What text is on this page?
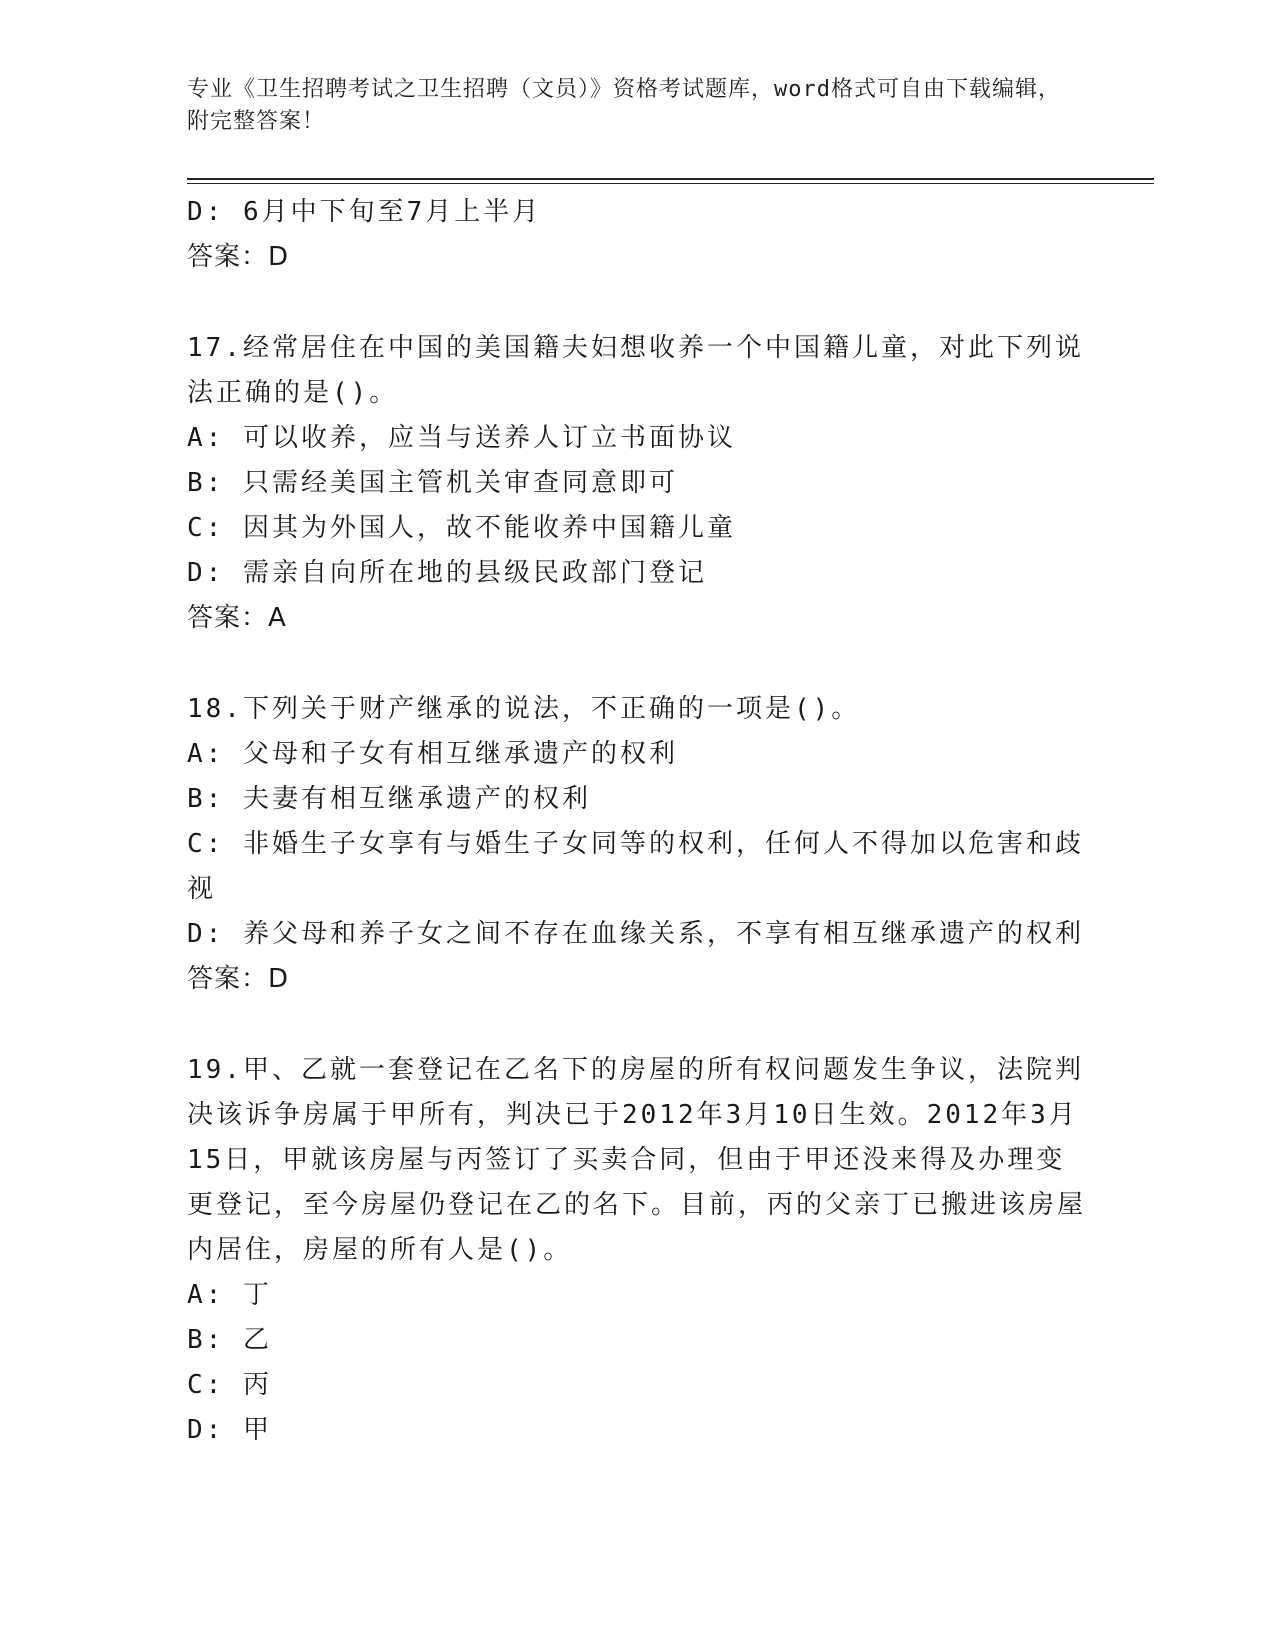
专业《卫生招聘考试之卫生招聘（文员）》资格考试题库，word格式可自由下载编辑，附完整答案！

D: 6月中下旬至7月上半月

答案：D

17.经常居住在中国的美国籍夫妇想收养一个中国籍儿童，对此下列说法正确的是()。

A: 可以收养，应当与送养人订立书面协议

B: 只需经美国主管机关审查同意即可

C: 因其为外国人，故不能收养中国籍儿童

D: 需亲自向所在地的县级民政部门登记

答案：A

18.下列关于财产继承的说法，不正确的一项是()。

A: 父母和子女有相互继承遗产的权利

B: 夫妻有相互继承遗产的权利

C: 非婚生子女享有与婚生子女同等的权利，任何人不得加以危害和歧视

D: 养父母和养子女之间不存在血缘关系，不享有相互继承遗产的权利

答案：D

19.甲、乙就一套登记在乙名下的房屋的所有权问题发生争议，法院判决该诉争房属于甲所有，判决已于2012年3月10日生效。2012年3月15日，甲就该房屋与丙签订了买卖合同，但由于甲还没来得及办理变更登记，至今房屋仍登记在乙的名下。目前，丙的父亲丁已搬进该房屋内居住，房屋的所有人是()。

A: 丁

B: 乙

C: 丙

D: 甲
